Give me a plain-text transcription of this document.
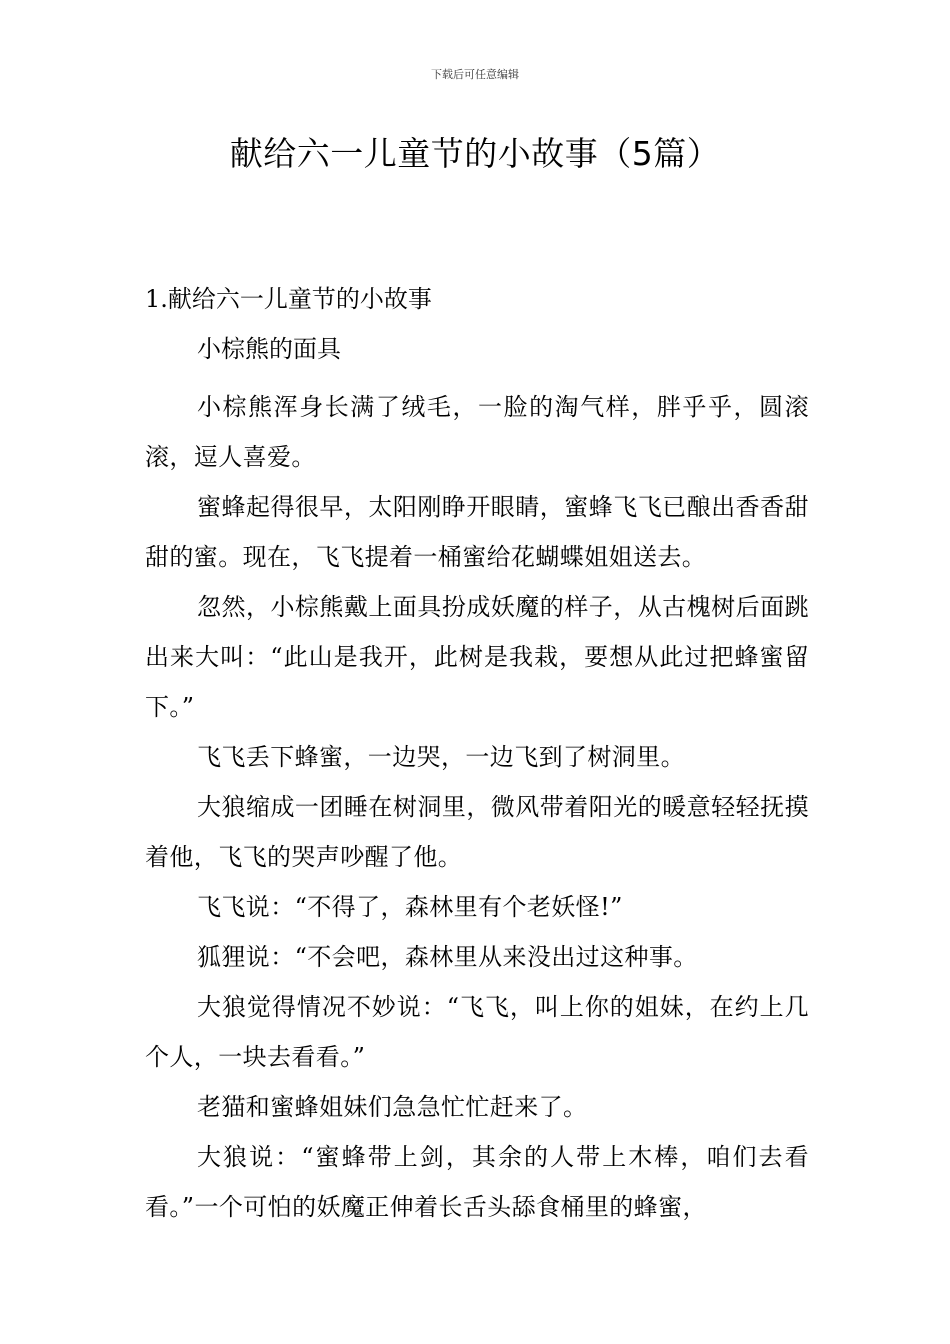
下载后可任意编辑
献给六一儿童节的小故事（5篇）
1.献给六一儿童节的小故事

小棕熊的面具

小棕熊浑身长满了绒毛，一脸的淘气样，胖乎乎，圆滚滚，逗人喜爱。

蜜蜂起得很早，太阳刚睁开眼睛，蜜蜂飞飞已酿出香香甜甜的蜜。现在，飞飞提着一桶蜜给花蝴蝶姐姐送去。

忽然，小棕熊戴上面具扮成妖魔的样子，从古槐树后面跳出来大叫：“此山是我开，此树是我栽，要想从此过把蜂蜜留下。”

飞飞丢下蜂蜜，一边哭，一边飞到了树洞里。

大狼缩成一团睡在树洞里，微风带着阳光的暖意轻轻抚摸着他，飞飞的哭声吵醒了他。

飞飞说：“不得了，森林里有个老妖怪!”

狐狸说：“不会吧，森林里从来没出过这种事。

大狼觉得情况不妙说：“飞飞，叫上你的姐妹，在约上几个人，一块去看看。”

老猫和蜜蜂姐妹们急急忙忙赶来了。

大狼说：“蜜蜂带上剑，其余的人带上木棒，咱们去看看。”一个可怕的妖魔正伸着长舌头舔食桶里的蜂蜜，
